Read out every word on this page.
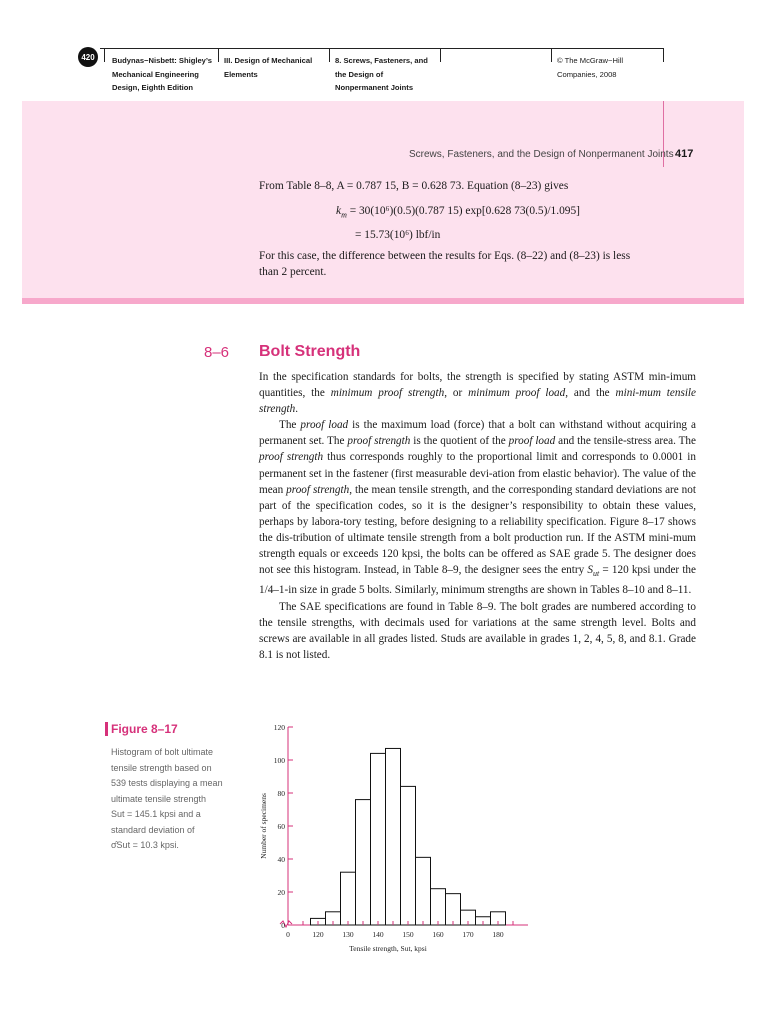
420	Budynas−Nisbett: Shigley’s
Mechanical Engineering
Design, Eighth Edition
III. Design of Mechanical
Elements
8. Screws, Fasteners, and
the Design of
Nonpermanent Joints
© The McGraw−Hill
Companies, 2008
Screws, Fasteners, and the Design of Nonpermanent Joints 417
From Table 8–8, A = 0.787 15, B = 0.628 73. Equation (8–23) gives
$k_m = 30(10^6)(0.5)(0.787$ 15) exp[0.628 73(0.5)/1.095]
= 15.73(10⁶) lbf/in
For this case, the difference between the results for Eqs. (8–22) and (8–23) is less
than 2 percent.
8–6 Bolt Strength

In the specification standards for bolts, the strength is specified by stating ASTM min-imum quantities, the minimum proof strength, or minimum proof load, and the mini-mum tensile strength.

The proof load is the maximum load (force) that a bolt can withstand without acquiring a permanent set. The proof strength is the quotient of the proof load and the tensile-stress area. The proof strength thus corresponds roughly to the proportional limit and corresponds to 0.0001 in permanent set in the fastener (first measurable devi-ation from elastic behavior). The value of the mean proof strength, the mean tensile strength, and the corresponding standard deviations are not part of the specification codes, so it is the designer’s responsibility to obtain these values, perhaps by labora-tory testing, before designing to a reliability specification. Figure 8–17 shows the dis-tribution of ultimate tensile strength from a bolt production run. If the ASTM mini-mum strength equals or exceeds 120 kpsi, the bolts can be offered as SAE grade 5. The designer does not see this histogram. Instead, in Table 8–9, the designer sees the entry $S_{ut} = 120$ kpsi under the 1/4–1-in size in grade 5 bolts. Similarly, minimum strengths are shown in Tables 8–10 and 8–11.

The SAE specifications are found in Table 8–9. The bolt grades are numbered according to the tensile strengths, with decimals used for variations at the same strength level. Bolts and screws are available in all grades listed. Studs are available in grades 1, 2, 4, 5, 8, and 8.1. Grade 8.1 is not listed.

Figure 8–17
Histogram of bolt ultimate
tensile strength based on
539 tests displaying a mean
ultimate tensile strength
Sut = 145.1 kpsi and a
standard deviation of
σ̂Sut = 10.3 kpsi.
0
20
40
60
80
100
120
0	120	130	140	150	160	170	180
Tensile strength, Sut, kpsi
Number of specimens
